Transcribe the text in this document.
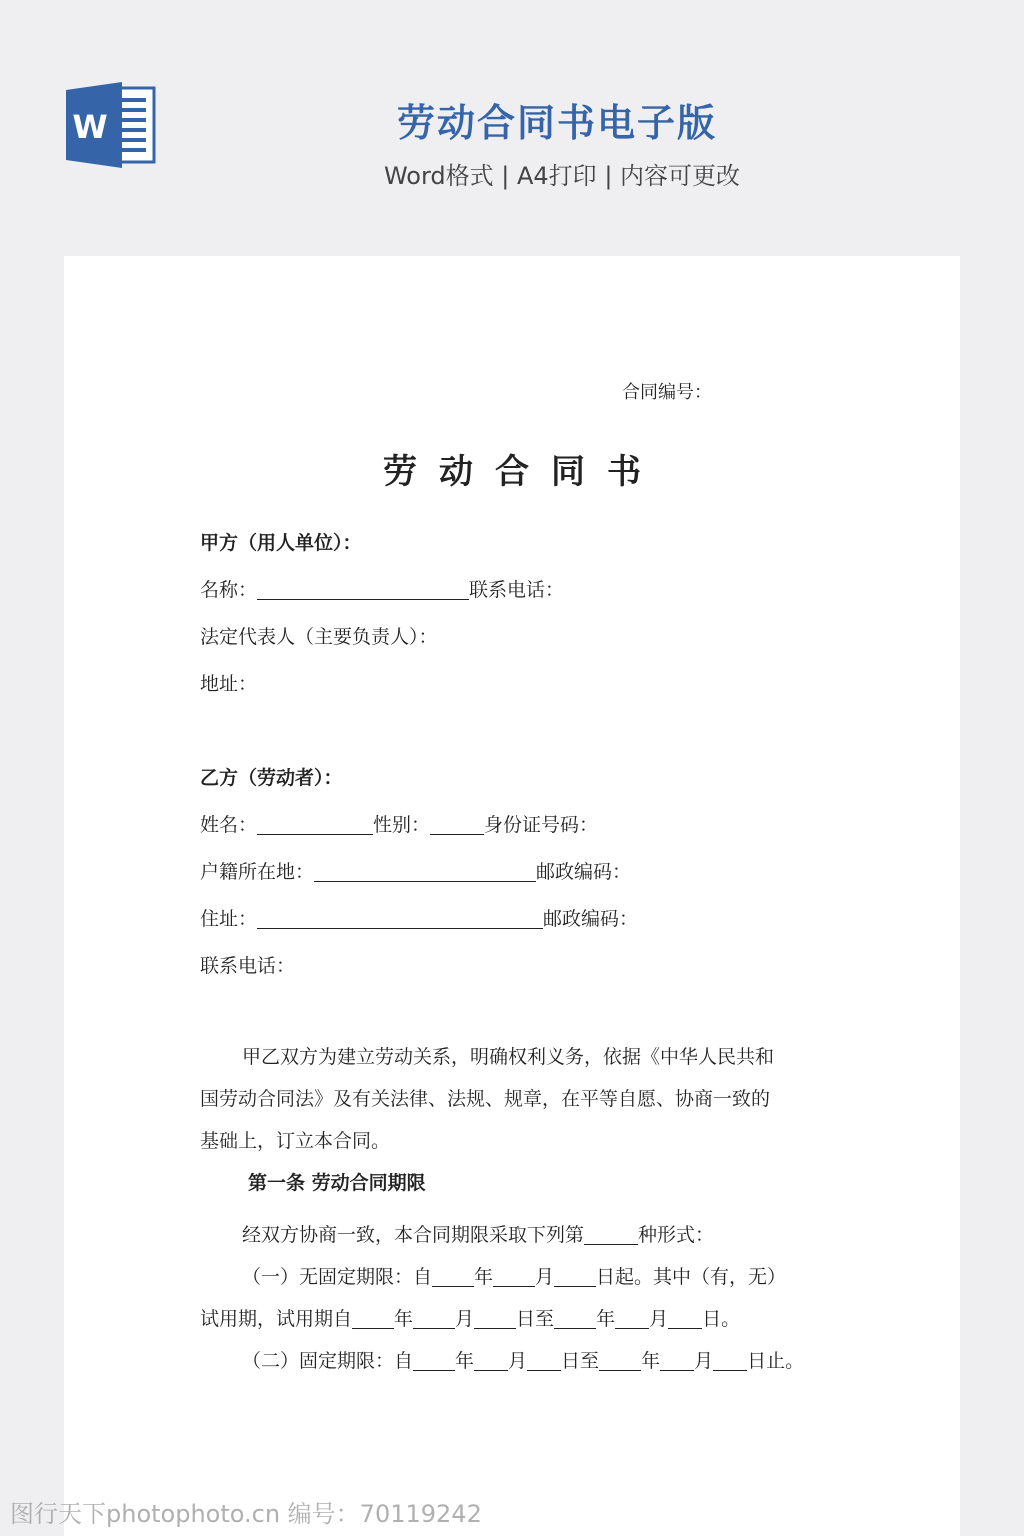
W	劳动合同书电子版
Word格式 | A4打印 | 内容可更改
合同编号：
劳动合同书
甲方（用人单位）：
名称：	联系电话：
法定代表人（主要负责人）：
地址：
乙方（劳动者）：
姓名：	性别：	身份证号码：
户籍所在地：	邮政编码：
住址：	邮政编码：
联系电话：
甲乙双方为建立劳动关系，明确权利义务，依据《中华人民共和
国劳动合同法》及有关法律、法规、规章，在平等自愿、协商一致的
基础上，订立本合同。
第一条 劳动合同期限
经双方协商一致，本合同期限采取下列第	种形式：
（一）无固定期限：自 年 月 日起。其中（有，无）
试用期，试用期自 年 月 日至 年 月 日。
（二）固定期限：自 年 月 日至 年 月 日止。
图行天下photophoto.cn 编号：70119242
